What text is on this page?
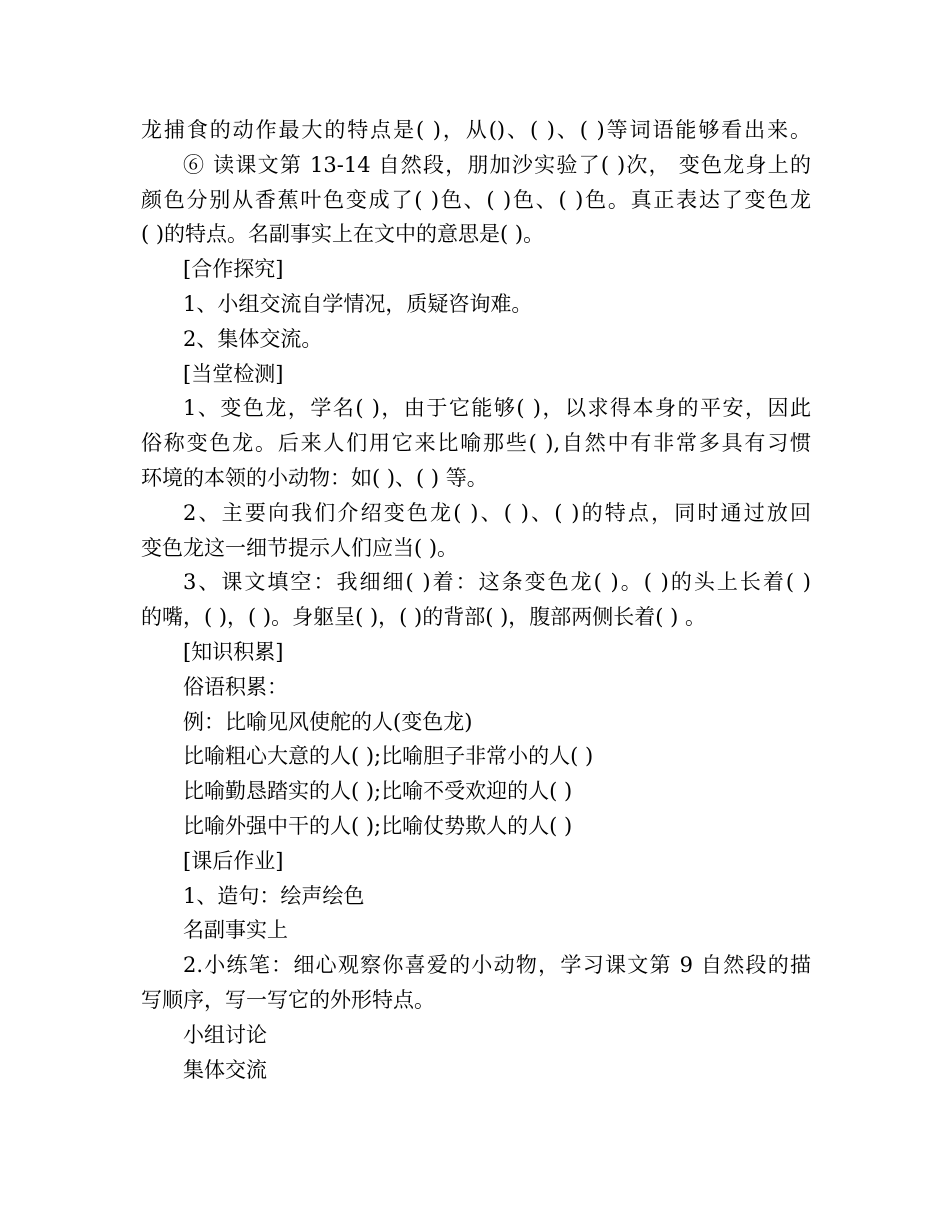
龙捕食的动作最大的特点是( )，从()、( )、( )等词语能够看出来。
⑥ 读课文第 13-14 自然段，朋加沙实验了( )次， 变色龙身上的
颜色分别从香蕉叶色变成了( )色、( )色、( )色。真正表达了变色龙
( )的特点。名副事实上在文中的意思是( )。
[合作探究]
1、小组交流自学情况，质疑咨询难。
2、集体交流。
[当堂检测]
1、变色龙，学名( )，由于它能够( )，以求得本身的平安，因此
俗称变色龙。后来人们用它来比喻那些( ),自然中有非常多具有习惯
环境的本领的小动物：如( )、( ) 等。
2、主要向我们介绍变色龙( )、( )、( )的特点，同时通过放回
变色龙这一细节提示人们应当( )。
3、课文填空：我细细( )着：这条变色龙( )。( )的头上长着( )
的嘴，( )，( )。身躯呈( )，( )的背部( )，腹部两侧长着( ) 。
[知识积累]
俗语积累：
例：比喻见风使舵的人(变色龙)
比喻粗心大意的人( );比喻胆子非常小的人( )
比喻勤恳踏实的人( );比喻不受欢迎的人( )
比喻外强中干的人( );比喻仗势欺人的人( )
[课后作业]
1、造句：绘声绘色
名副事实上
2.小练笔：细心观察你喜爱的小动物，学习课文第 9 自然段的描
写顺序，写一写它的外形特点。
小组讨论
集体交流
